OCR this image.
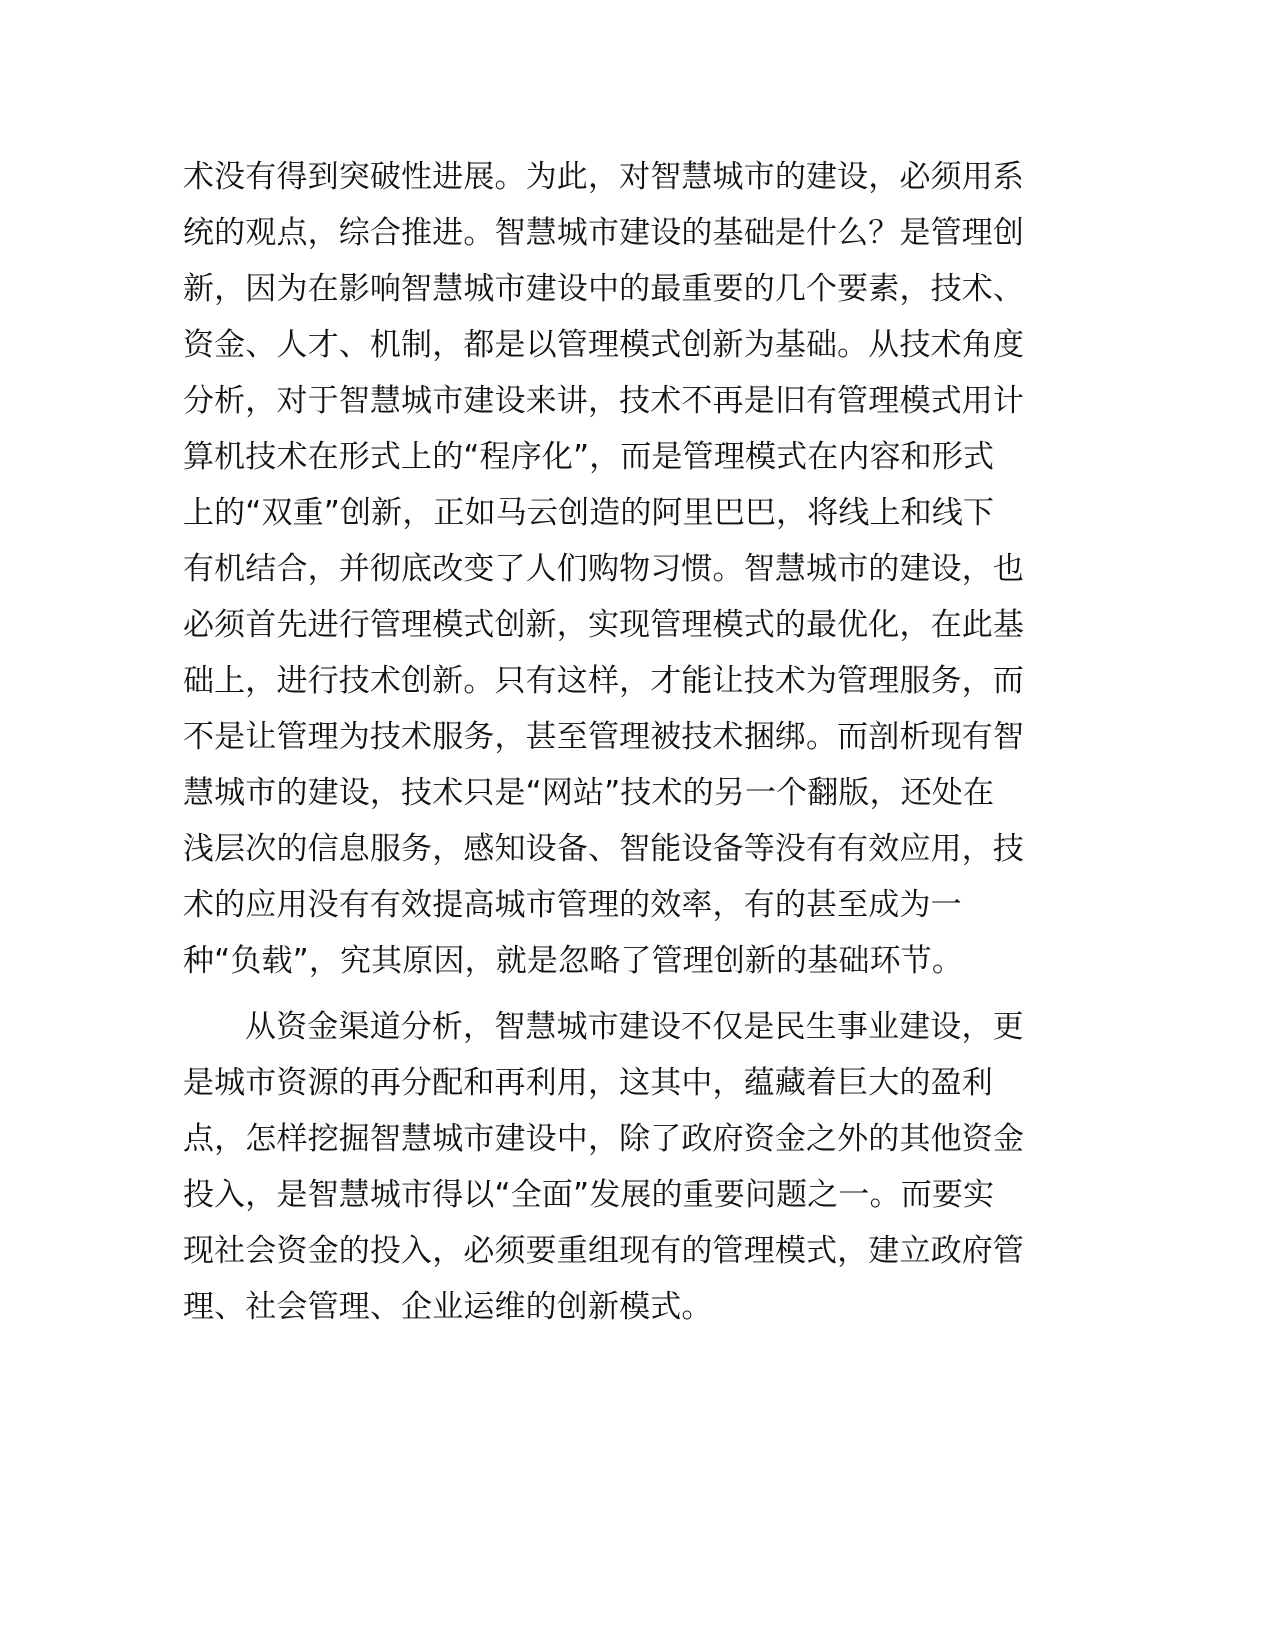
术没有得到突破性进展。为此，对智慧城市的建设，必须用系
统的观点，综合推进。智慧城市建设的基础是什么？是管理创
新，因为在影响智慧城市建设中的最重要的几个要素，技术、
资金、人才、机制，都是以管理模式创新为基础。从技术角度
分析，对于智慧城市建设来讲，技术不再是旧有管理模式用计
算机技术在形式上的“程序化”，而是管理模式在内容和形式
上的“双重”创新，正如马云创造的阿里巴巴，将线上和线下
有机结合，并彻底改变了人们购物习惯。智慧城市的建设，也
必须首先进行管理模式创新，实现管理模式的最优化，在此基
础上，进行技术创新。只有这样，才能让技术为管理服务，而
不是让管理为技术服务，甚至管理被技术捆绑。而剖析现有智
慧城市的建设，技术只是“网站”技术的另一个翻版，还处在
浅层次的信息服务，感知设备、智能设备等没有有效应用，技
术的应用没有有效提高城市管理的效率，有的甚至成为一
种“负载”，究其原因，就是忽略了管理创新的基础环节。
从资金渠道分析，智慧城市建设不仅是民生事业建设，更
是城市资源的再分配和再利用，这其中，蕴藏着巨大的盈利
点，怎样挖掘智慧城市建设中，除了政府资金之外的其他资金
投入，是智慧城市得以“全面”发展的重要问题之一。而要实
现社会资金的投入，必须要重组现有的管理模式，建立政府管
理、社会管理、企业运维的创新模式。
